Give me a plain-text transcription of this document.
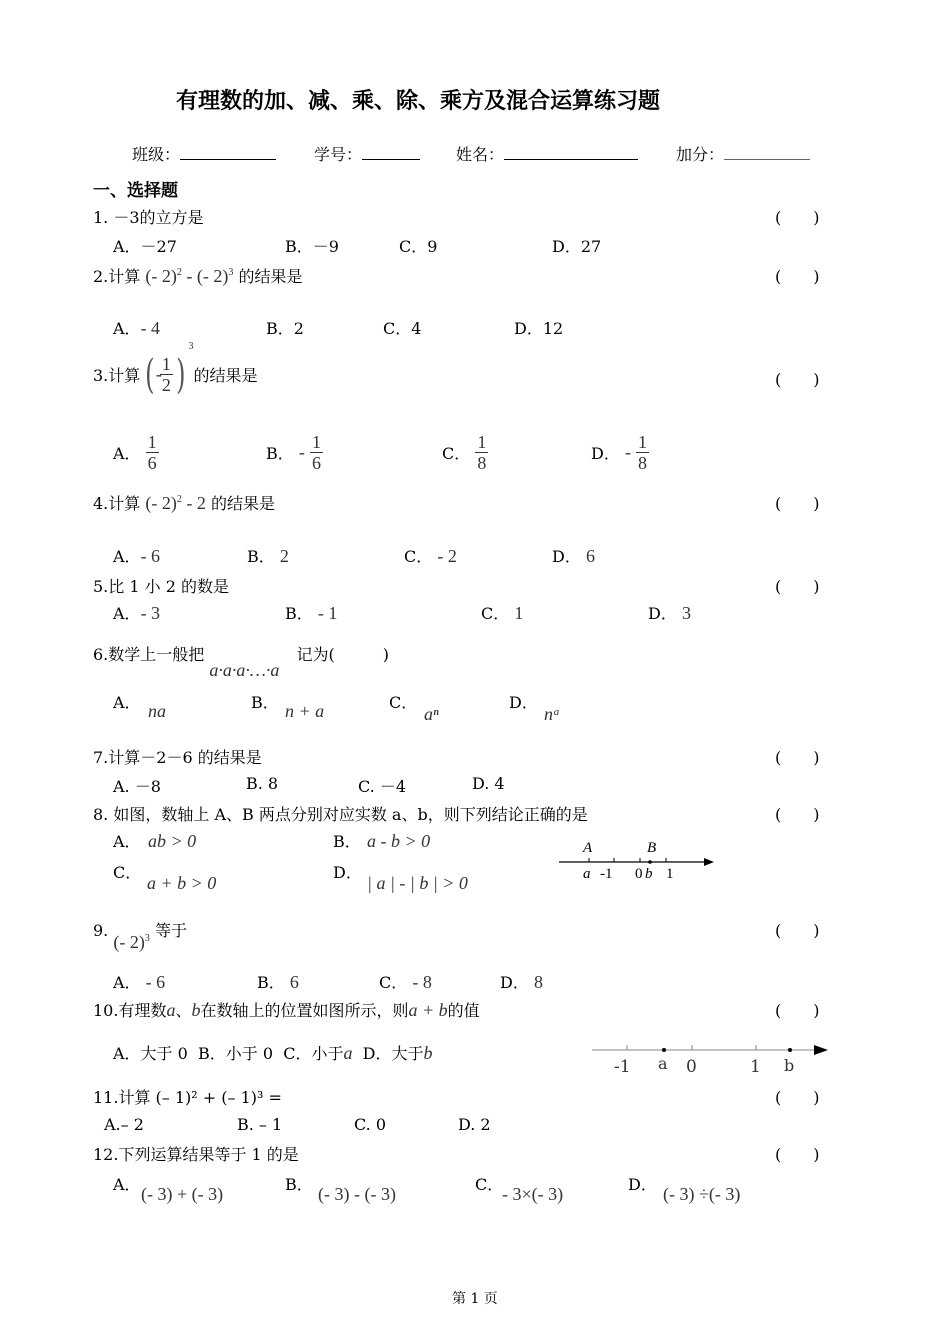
有理数的加、减、乘、除、乘方及混合运算练习题
班级：	学号：	姓名：	加分：
一、选择题
1. －3的立方是	(　　)
A．－27	B．－9	C．9	D．27
2.计算 (- 2)$^2$ - (- 2)$^3$ 的结果是	(　　)
A．- 4	B．2	C．4	D．12
3.计算 (-
$\frac{1}{2} )^3$的结果是	(　　)
A． $\frac{1}{6}$	B． - $\frac{1}{6}$	C． $\frac{1}{8}$	D． - $\frac{1}{8}$
4.计算 (- 2)$^2$ - 2 的结果是	(　　)
A．- 6	B． 2	C． - 2	D． 6
5.比 1 小 2 的数是	(　　)
A．- 3	B． - 1	C． 1	D． 3
6.数学上一般把 a·a·a·…·a 记为(　　　)
A． na	B． n + a	C．
aⁿ
D．
nᵃ
7.计算－2－6 的结果是	(　　)
A. －8	B. 8	C. －4	D. 4
8. 如图，数轴上 A、B 两点分别对应实数 a、b，则下列结论正确的是	(　　)
A． ab > 0	B． a - b > 0
C．
a + b > 0
D．
| a | - | b | > 0
A	B
a -1 0 b 1
9. (- 2)$^3$ 等于	(　　)
A． - 6	B． 6	C． - 8	D． 8
10.有理数a、b在数轴上的位置如图所示，则a + b的值	(　　)
A．大于 0 B．小于 0 C．小于a D．大于b
-1 a 0	1 b
11.计算 (– 1)² + (– 1)³ =	(　　)
A.– 2	B. – 1	C. 0	D. 2
12.下列运算结果等于 1 的是	(　　)
A． (- 3) + (- 3)	B． (- 3) - (- 3)	C．
- 3×(- 3)	D． (- 3) ÷(- 3)
第 1 页
